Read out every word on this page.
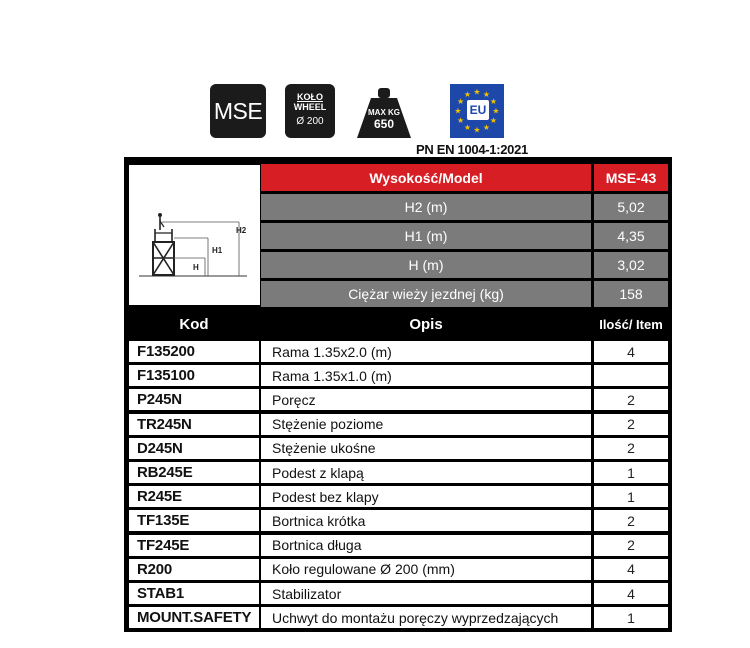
MSE
KOŁO
WHEEL
Ø 200
MAX KG
650
★
★
★
★
★
★
★
★
★ ★ ★
★
EU
PN EN 1004-1:2021
H
H1
H2
Wysokość/Model	MSE-43
H2 (m)	5,02
H1 (m)	4,35
H (m)	3,02
Ciężar wieży jezdnej (kg)	158
Kod	Opis	Ilość/ Item
F135200	Rama 1.35x2.0 (m)	4
F135100	Rama 1.35x1.0 (m)
P245N	Poręcz	2
TR245N	Stężenie poziome	2
D245N	Stężenie ukośne	2
RB245E	Podest z klapą	1
R245E	Podest bez klapy	1
TF135E	Bortnica krótka	2
TF245E	Bortnica długa	2
R200	Koło regulowane Ø 200 (mm)	4
STAB1	Stabilizator	4
MOUNT.SAFETY	Uchwyt do montażu poręczy wyprzedzających	1
